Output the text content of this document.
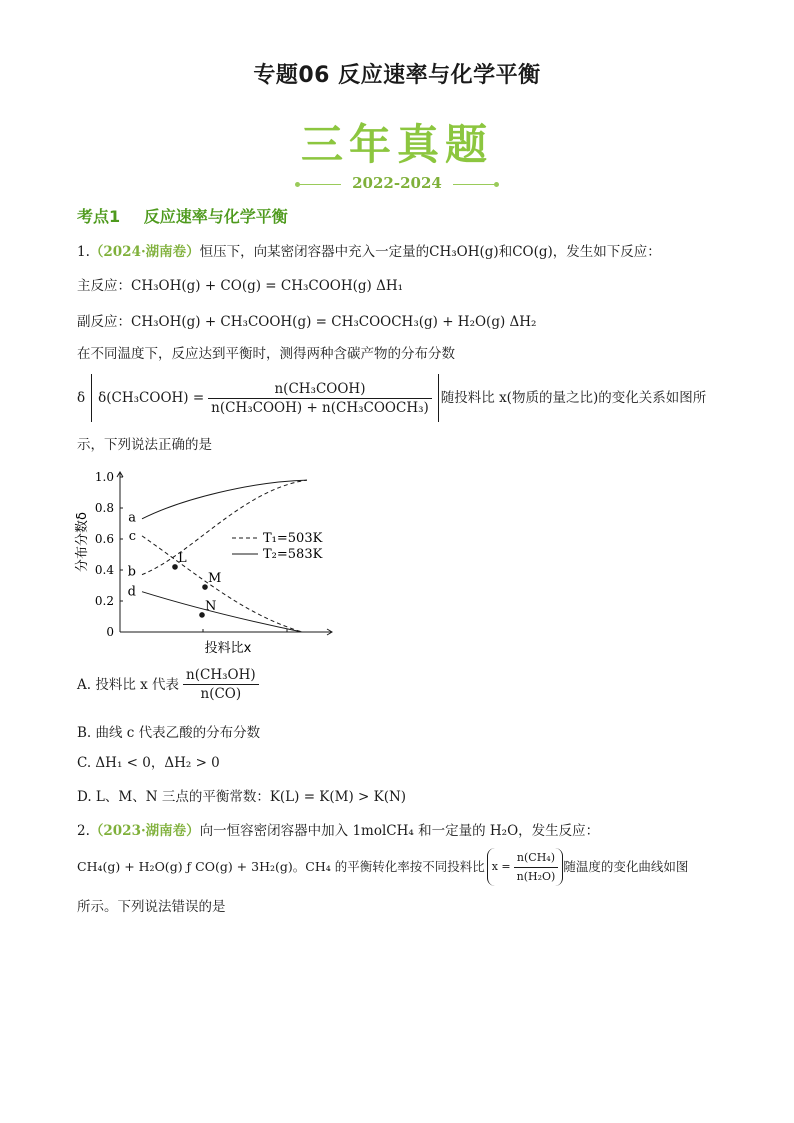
专题06 反应速率与化学平衡
三年真题
2022-2024
考点1 反应速率与化学平衡
1.（2024·湖南卷）恒压下，向某密闭容器中充入一定量的CH₃OH(g)和CO(g)，发生如下反应：
主反应：CH₃OH(g) + CO(g) = CH₃COOH(g) ΔH₁
副反应：CH₃OH(g) + CH₃COOH(g) = CH₃COOCH₃(g) + H₂O(g) ΔH₂
在不同温度下，反应达到平衡时，测得两种含碳产物的分布分数
δ δ(CH₃COOH) = $\frac{\text{n(CH₃COOH)}}{\text{n(CH₃COOH) + n(CH₃COOCH₃)}}$ 随投料比 x(物质的量之比)的变化关系如图所
示，下列说法正确的是
1.0
0.8
0.6
0.4
0.2
0
投料比x
分布分数δ	a
b
c
d
L
M
N
T₁=503K
T₂=583K
A. 投料比 x 代表 $\frac{\text{n(CH₃OH)}}{n(CO)}$
B. 曲线 c 代表乙酸的分布分数
C. ΔH₁ < 0，ΔH₂ > 0
D. L、M、N 三点的平衡常数：K(L) = K(M) > K(N)
2.（2023·湖南卷）向一恒容密闭容器中加入 1molCH₄ 和一定量的 H₂O，发生反应：
CH₄(g) + H₂O(g) ƒ CO(g) + 3H₂(g) 。CH₄ 的平衡转化率按不同投料比 $x = \frac{\text{n(CH₄)}}{\text{n(H₂O)}}$ 随温度的变化曲线如图
所示。下列说法错误的是
